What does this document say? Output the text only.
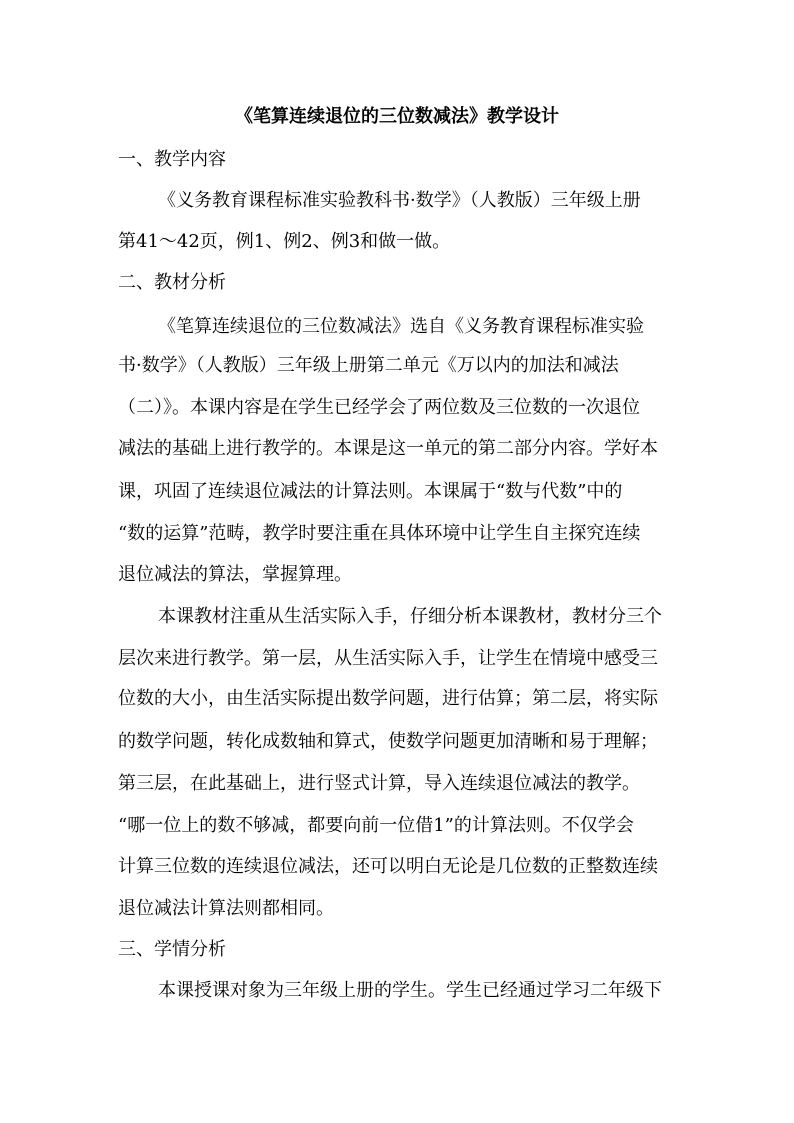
《笔算连续退位的三位数减法》教学设计

一、教学内容

《义务教育课程标准实验教科书·数学》（人教版）三年级上册

第41～42页，例1、例2、例3和做一做。

二、教材分析

《笔算连续退位的三位数减法》选自《义务教育课程标准实验

书·数学》（人教版）三年级上册第二单元《万以内的加法和减法

（二）》。本课内容是在学生已经学会了两位数及三位数的一次退位

减法的基础上进行教学的。本课是这一单元的第二部分内容。学好本

课，巩固了连续退位减法的计算法则。本课属于“数与代数”中的

“数的运算”范畴，教学时要注重在具体环境中让学生自主探究连续

退位减法的算法，掌握算理。

本课教材注重从生活实际入手，仔细分析本课教材，教材分三个

层次来进行教学。第一层，从生活实际入手，让学生在情境中感受三

位数的大小，由生活实际提出数学问题，进行估算；第二层，将实际

的数学问题，转化成数轴和算式，使数学问题更加清晰和易于理解；

第三层，在此基础上，进行竖式计算，导入连续退位减法的教学。

“哪一位上的数不够减，都要向前一位借1”的计算法则。不仅学会

计算三位数的连续退位减法，还可以明白无论是几位数的正整数连续

退位减法计算法则都相同。

三、学情分析

本课授课对象为三年级上册的学生。学生已经通过学习二年级下
